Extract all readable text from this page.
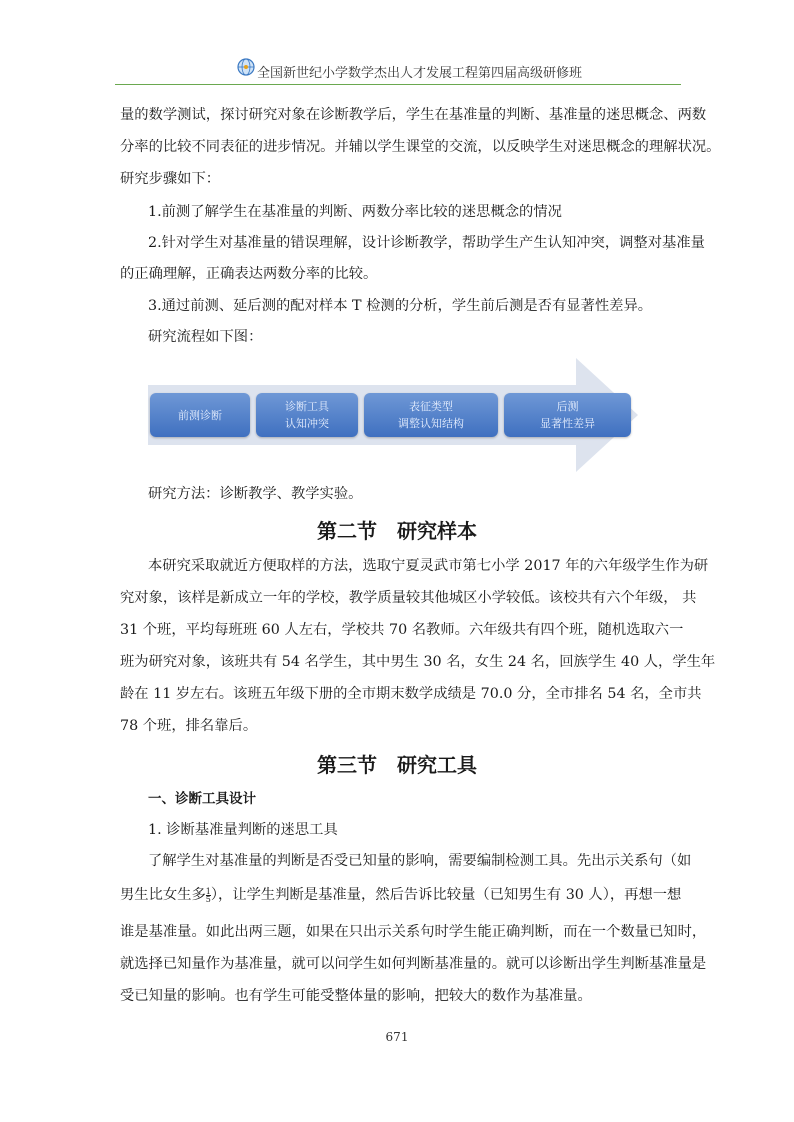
全国新世纪小学数学杰出人才发展工程第四届高级研修班
量的数学测试，探讨研究对象在诊断教学后，学生在基准量的判断、基准量的迷思概念、两数
分率的比较不同表征的进步情况。并辅以学生课堂的交流，以反映学生对迷思概念的理解状况。
研究步骤如下：
1.前测了解学生在基准量的判断、两数分率比较的迷思概念的情况
2.针对学生对基准量的错误理解，设计诊断教学，帮助学生产生认知冲突，调整对基准量
的正确理解，正确表达两数分率的比较。
3.通过前测、延后测的配对样本 T 检测的分析，学生前后测是否有显著性差异。
研究流程如下图：
前测诊断
诊断工具
认知冲突
表征类型
调整认知结构
后测
显著性差异
研究方法：诊断教学、教学实验。
第二节　研究样本
本研究采取就近方便取样的方法，选取宁夏灵武市第七小学 2017 年的六年级学生作为研
究对象，该样是新成立一年的学校，教学质量较其他城区小学较低。该校共有六个年级， 共
31 个班，平均每班班 60 人左右，学校共 70 名教师。六年级共有四个班，随机选取六一
班为研究对象，该班共有 54 名学生，其中男生 30 名，女生 24 名，回族学生 40 人，学生年
龄在 11 岁左右。该班五年级下册的全市期末数学成绩是 70.0 分，全市排名 54 名，全市共
78 个班，排名靠后。
第三节　研究工具
一、诊断工具设计
1. 诊断基准量判断的迷思工具
了解学生对基准量的判断是否受已知量的影响，需要编制检测工具。先出示关系句（如
男生比女生多 $\frac{1}{5}$ ），让学生判断是基准量，然后告诉比较量（已知男生有 30 人），再想一想
谁是基准量。如此出两三题，如果在只出示关系句时学生能正确判断，而在一个数量已知时，
就选择已知量作为基准量，就可以问学生如何判断基准量的。就可以诊断出学生判断基准量是
受已知量的影响。也有学生可能受整体量的影响，把较大的数作为基准量。
671
